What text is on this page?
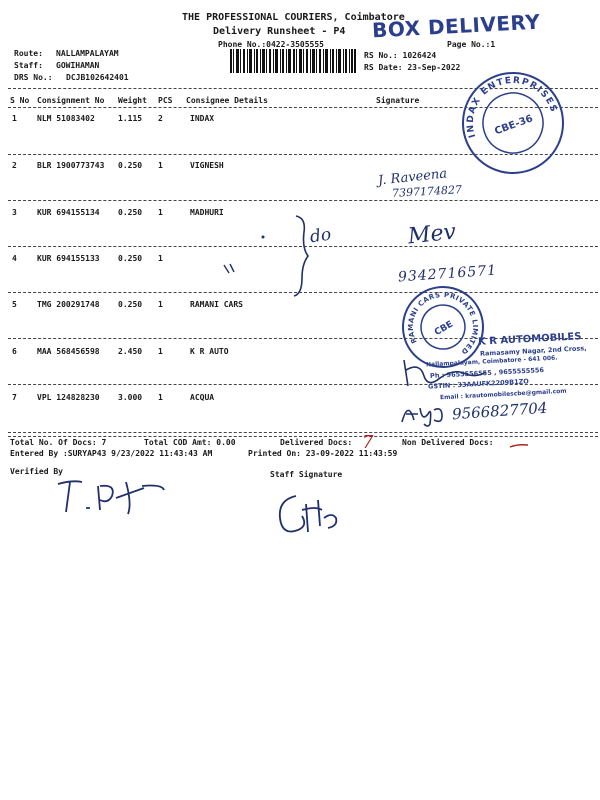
THE PROFESSIONAL COURIERS, Coimbatore
Delivery Runsheet - P4
Phone No.:0422-3505555	Page No.:1
BOX DELIVERY
Route: NALLAMPALAYAM
Staff: GOWIHAMAN
DRS No.: DCJB102642401
RS No.: 1026424
RS Date: 23-Sep-2022
S No Consignment No Weight PCS Consignee Details	Signature
1	NLM 51083402	1.115 2	INDAX
2	BLR 1900773743 0.250 1	VIGNESH
3	KUR 694155134 0.250 1	MADHURI
4	KUR 694155133 0.250 1
5	TMG 200291748 0.250 1	RAMANI CARS
6	MAA 568456598 2.450 1	K R AUTO
7	VPL 124828230 3.000 1	ACQUA
INDAX ENTERPRISES
CBE-36
RAMANI CARS PRIVATE LIMITED
CBE
K R AUTOMOBILES
Ramasamy Nagar, 2nd Cross,
Nallampalayam, Coimbatore - 641 006.
Ph : 9655556555 , 9655555556
GSTIN : 33AAUFK2209B1ZO
Email : krautomobilescbe@gmail.com
J. Raveena
7397174827
Mev
do
9342716571
9566827704
Total No. Of Docs: 7	Total COD Amt: 0.00	Delivered Docs: 7	Non Delivered Docs:
Entered By :SURYAP43 9/23/2022 11:43:43 AM	Printed On: 23-09-2022 11:43:59
Verified By	Staff Signature
